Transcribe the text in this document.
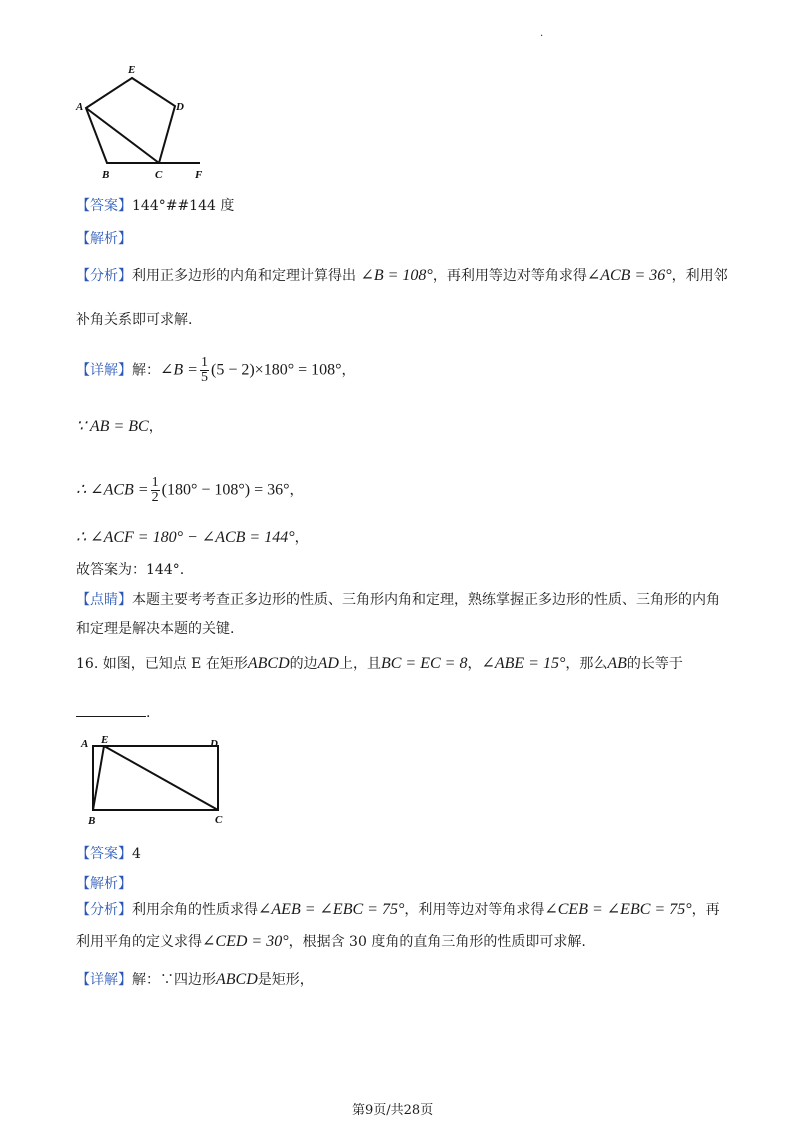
.
A
E
D
B	C	F
【答案】144°##144 度
【解析】
【分析】利用正多边形的内角和定理计算得出 ∠B = 108°，再利用等边对等角求得∠ACB = 36°，利用邻
补角关系即可求解.
【详解】解：∠B = $\frac{1}{5} (5 - 2)\times 180^\circ = 108^\circ$，
∵ AB = BC，
∴ ∠ACB = $\frac{1}{2} (180^\circ - 108^\circ) = 36^\circ$，
∴ ∠ACF = 180° − ∠ACB = 144°，
故答案为：144°.
【点睛】本题主要考考查正多边形的性质、三角形内角和定理，熟练掌握正多边形的性质、三角形的内角
和定理是解决本题的关键.
16. 如图，已知点 E 在矩形ABCD的边AD上，且BC = EC = 8，∠ABE = 15°，那么AB的长等于
.
A E	D
B	C
【答案】4
【解析】
【分析】利用余角的性质求得∠AEB = ∠EBC = 75°，利用等边对等角求得∠CEB = ∠EBC = 75°，再
利用平角的定义求得∠CED = 30°，根据含 30 度角的直角三角形的性质即可求解.
【详解】解：∵四边形ABCD是矩形，
第9页/共28页
